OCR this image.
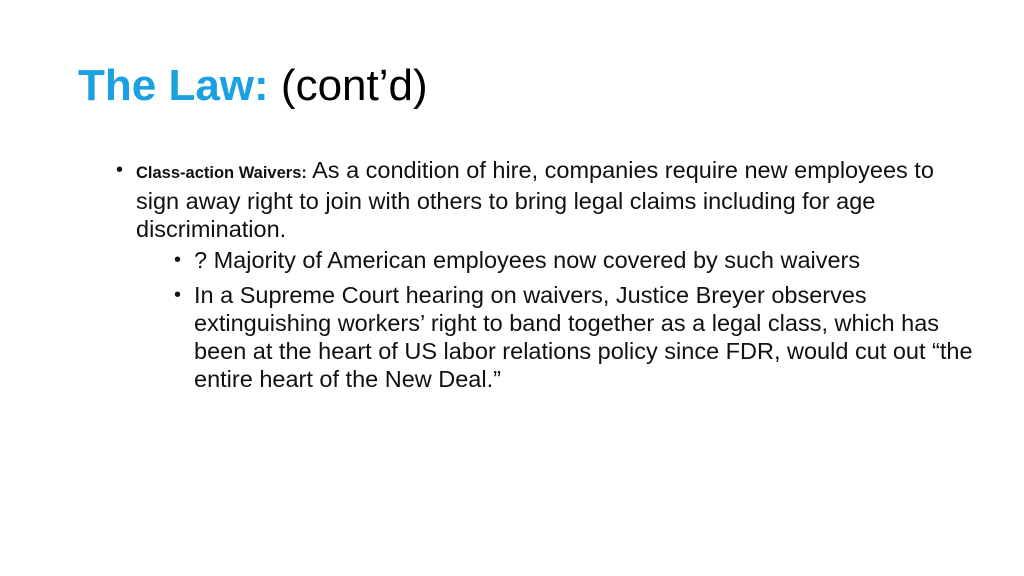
The Law: (cont’d)
• Class-action Waivers: As a condition of hire, companies require new employees to sign away right to join with others to bring legal claims including for age discrimination.
• ? Majority of American employees now covered by such waivers
• In a Supreme Court hearing on waivers, Justice Breyer observes extinguishing workers’ right to band together as a legal class, which has been at the heart of US labor relations policy since FDR, would cut out “the entire heart of the New Deal.”
